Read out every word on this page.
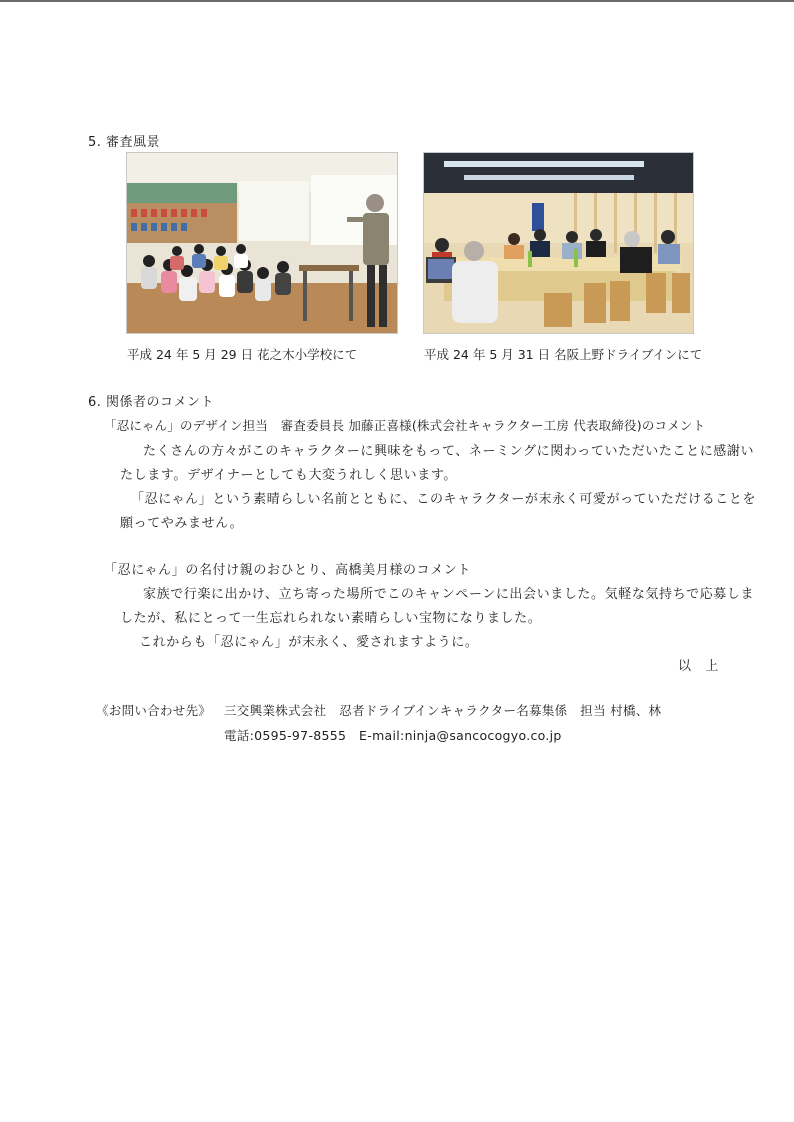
5. 審査風景
平成 24 年 5 月 29 日 花之木小学校にて	平成 24 年 5 月 31 日 名阪上野ドライブインにて
6. 関係者のコメント
「忍にゃん」のデザイン担当　審査委員長 加藤正喜様(株式会社キャラクター工房 代表取締役)のコメント
たくさんの方々がこのキャラクターに興味をもって、ネーミングに関わっていただいたことに感謝い
たします。デザイナーとしても大変うれしく思います。
「忍にゃん」という素晴らしい名前とともに、このキャラクターが末永く可愛がっていただけることを
願ってやみません。
「忍にゃん」の名付け親のおひとり、高橋美月様のコメント
家族で行楽に出かけ、立ち寄った場所でこのキャンペーンに出会いました。気軽な気持ちで応募しま
したが、私にとって一生忘れられない素晴らしい宝物になりました。
これからも「忍にゃん」が末永く、愛されますように。
以　上
《お問い合わせ先》 三交興業株式会社　忍者ドライブインキャラクター名募集係　担当 村橋、林
電話:0595-97-8555　E-mail:ninja@sancocogyo.co.jp
